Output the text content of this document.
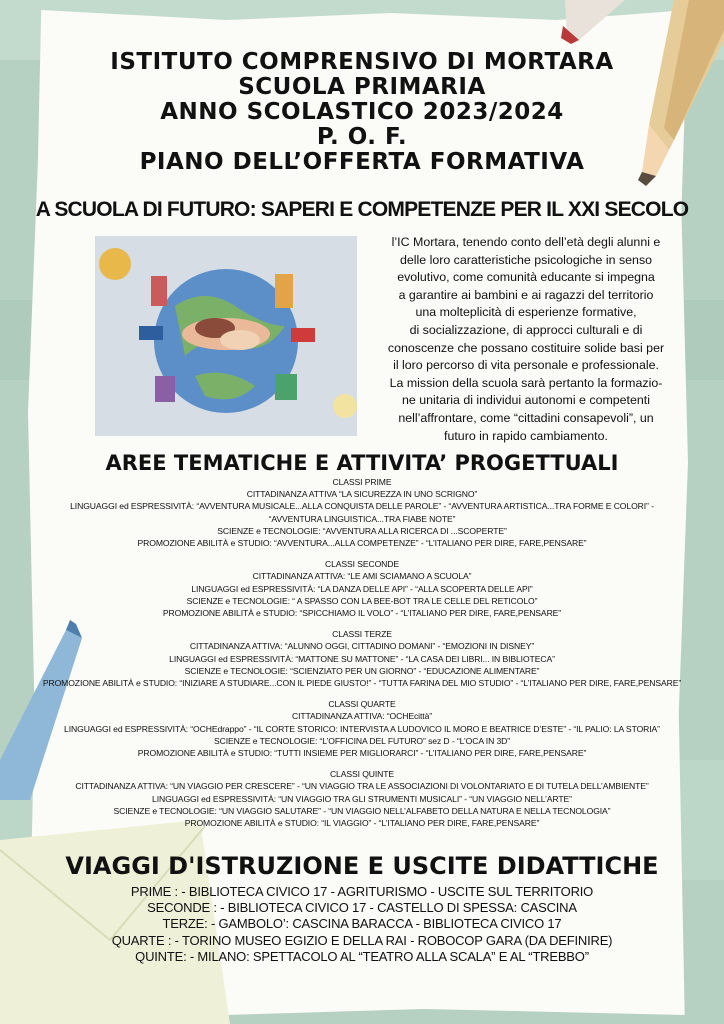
ISTITUTO COMPRENSIVO DI MORTARA
SCUOLA PRIMARIA
ANNO SCOLASTICO 2023/2024
P. O. F.
PIANO DELL’OFFERTA FORMATIVA
A SCUOLA DI FUTURO: SAPERI E COMPETENZE PER IL XXI SECOLO
l’IC Mortara, tenendo conto dell’età degli alunni e
delle loro caratteristiche psicologiche in senso
evolutivo, come comunità educante si impegna
a garantire ai bambini e ai ragazzi del territorio
una molteplicità di esperienze formative,
di socializzazione, di approcci culturali e di
conoscenze che possano costituire solide basi per
il loro percorso di vita personale e professionale.
La mission della scuola sarà pertanto la formazio-
ne unitaria di individui autonomi e competenti
nell’affrontare, come “cittadini consapevoli”, un
futuro in rapido cambiamento.
AREE TEMATICHE E ATTIVITA’ PROGETTUALI
CLASSI PRIME
CITTADINANZA ATTIVA “LA SICUREZZA IN UNO SCRIGNO”
LINGUAGGI ed ESPRESSIVITÀ: “AVVENTURA MUSICALE...ALLA CONQUISTA DELLE PAROLE” - “AVVENTURA ARTISTICA...TRA FORME E COLORI” -
“AVVENTURA LINGUISTICA...TRA FIABE NOTE”
SCIENZE e TECNOLOGIE: “AVVENTURA ALLA RICERCA DI ...SCOPERTE”
PROMOZIONE ABILITÀ e STUDIO: “AVVENTURA...ALLA COMPETENZE” - “L’ITALIANO PER DIRE, FARE,PENSARE”
CLASSI SECONDE
CITTADINANZA ATTIVA: “LE AMI SCIAMANO A SCUOLA”
LINGUAGGI ed ESPRESSIVITÀ: “LA DANZA DELLE API” - “ALLA SCOPERTA DELLE API”
SCIENZE e TECNOLOGIE: “ A SPASSO CON LA BEE-BOT TRA LE CELLE DEL RETICOLO”
PROMOZIONE ABILITÀ e STUDIO: “SPICCHIAMO IL VOLO” - “L’ITALIANO PER DIRE, FARE,PENSARE”
CLASSI TERZE
CITTADINANZA ATTIVA: “ALUNNO OGGI, CITTADINO DOMANI” - “EMOZIONI IN DISNEY”
LINGUAGGI ed ESPRESSIVITÀ: “MATTONE SU MATTONE” - “LA CASA DEI LIBRI... IN BIBLIOTECA”
SCIENZE e TECNOLOGIE: “SCIENZIATO PER UN GIORNO” - “EDUCAZIONE ALIMENTARE”
PROMOZIONE ABILITÀ e STUDIO: “INIZIARE A STUDIARE...CON IL PIEDE GIUSTO!” - “TUTTA FARINA DEL MIO STUDIO” - “L’ITALIANO PER DIRE, FARE,PENSARE”
CLASSI QUARTE
CITTADINANZA ATTIVA: “OCHEcittà”
LINGUAGGI ed ESPRESSIVITÀ: “OCHEdrappo” - “IL CORTE STORICO: INTERVISTA A LUDOVICO IL MORO E BEATRICE D’ESTE” - “IL PALIO: LA STORIA”
SCIENZE e TECNOLOGIE: “L’OFFICINA DEL FUTURO” sez D - “L’OCA IN 3D”
PROMOZIONE ABILITÀ e STUDIO: “TUTTI INSIEME PER MIGLIORARCI” - “L’ITALIANO PER DIRE, FARE,PENSARE”
CLASSI QUINTE
CITTADINANZA ATTIVA: “UN VIAGGIO PER CRESCERE” - “UN VIAGGIO TRA LE ASSOCIAZIONI DI VOLONTARIATO E DI TUTELA DELL’AMBIENTE”
LINGUAGGI ed ESPRESSIVITÀ: “UN VIAGGIO TRA GLI STRUMENTI MUSICALI” - “UN VIAGGIO NELL’ARTE”
SCIENZE e TECNOLOGIE: “UN VIAGGIO SALUTARE” - “UN VIAGGIO NELL’ALFABETO DELLA NATURA E NELLA TECNOLOGIA”
PROMOZIONE ABILITÀ e STUDIO: “IL VIAGGIO” - “L’ITALIANO PER DIRE, FARE,PENSARE”
VIAGGI D'ISTRUZIONE E USCITE DIDATTICHE
PRIME : - BIBLIOTECA CIVICO 17 - AGRITURISMO - USCITE SUL TERRITORIO
SECONDE : - BIBLIOTECA CIVICO 17 - CASTELLO DI SPESSA: CASCINA
TERZE: - GAMBOLO’: CASCINA BARACCA - BIBLIOTECA CIVICO 17
QUARTE : - TORINO MUSEO EGIZIO E DELLA RAI - ROBOCOP GARA (DA DEFINIRE)
QUINTE: - MILANO: SPETTACOLO AL “TEATRO ALLA SCALA” E AL “TREBBO”
